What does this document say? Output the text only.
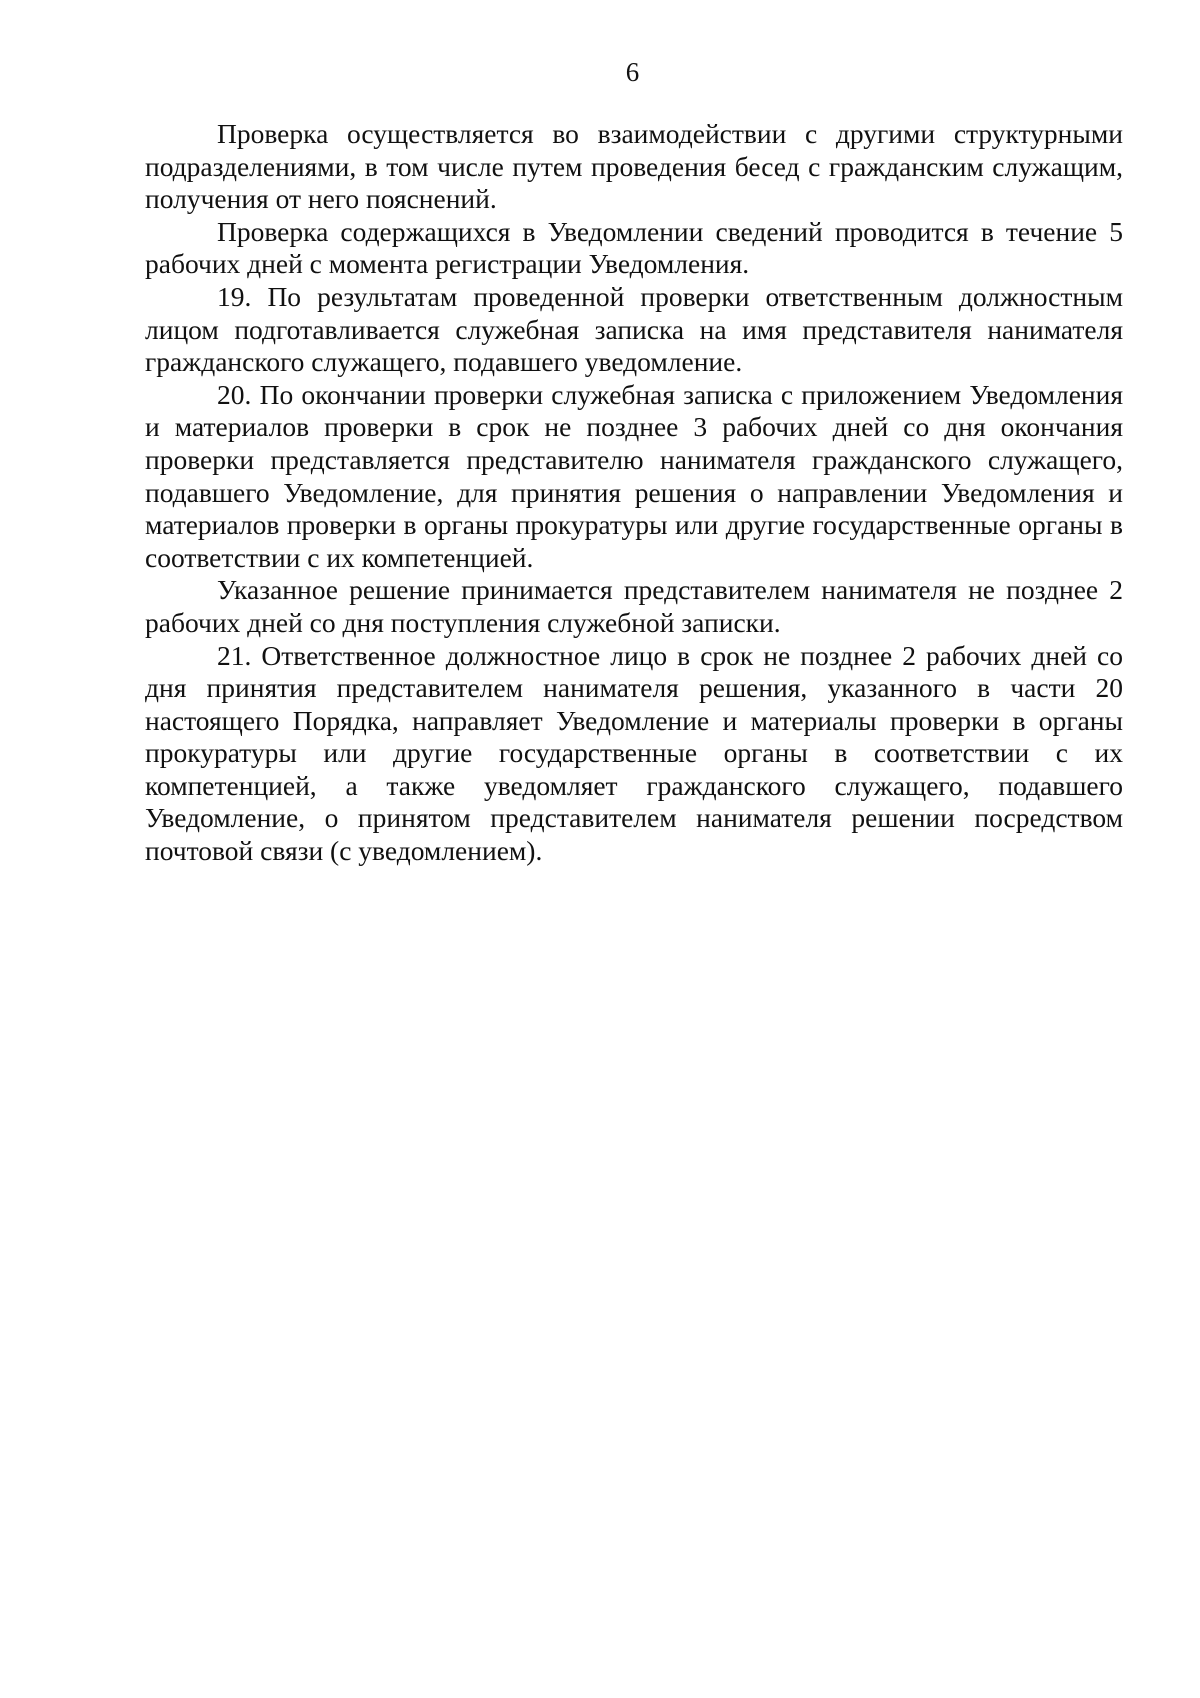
6

Проверка осуществляется во взаимодействии с другими структурными подразделениями, в том числе путем проведения бесед с гражданским служащим, получения от него пояснений.

Проверка содержащихся в Уведомлении сведений проводится в течение 5 рабочих дней с момента регистрации Уведомления.

19. По результатам проведенной проверки ответственным должностным лицом подготавливается служебная записка на имя представителя нанимателя гражданского служащего, подавшего уведомление.

20. По окончании проверки служебная записка с приложением Уведомления и материалов проверки в срок не позднее 3 рабочих дней со дня окончания проверки представляется представителю нанимателя гражданского служащего, подавшего Уведомление, для принятия решения о направлении Уведомления и материалов проверки в органы прокуратуры или другие государственные органы в соответствии с их компетенцией.

Указанное решение принимается представителем нанимателя не позднее 2 рабочих дней со дня поступления служебной записки.

21. Ответственное должностное лицо в срок не позднее 2 рабочих дней со дня принятия представителем нанимателя решения, указанного в части 20 настоящего Порядка, направляет Уведомление и материалы проверки в органы прокуратуры или другие государственные органы в соответствии с их компетенцией, а также уведомляет гражданского служащего, подавшего Уведомление, о принятом представителем нанимателя решении посредством почтовой связи (с уведомлением).
